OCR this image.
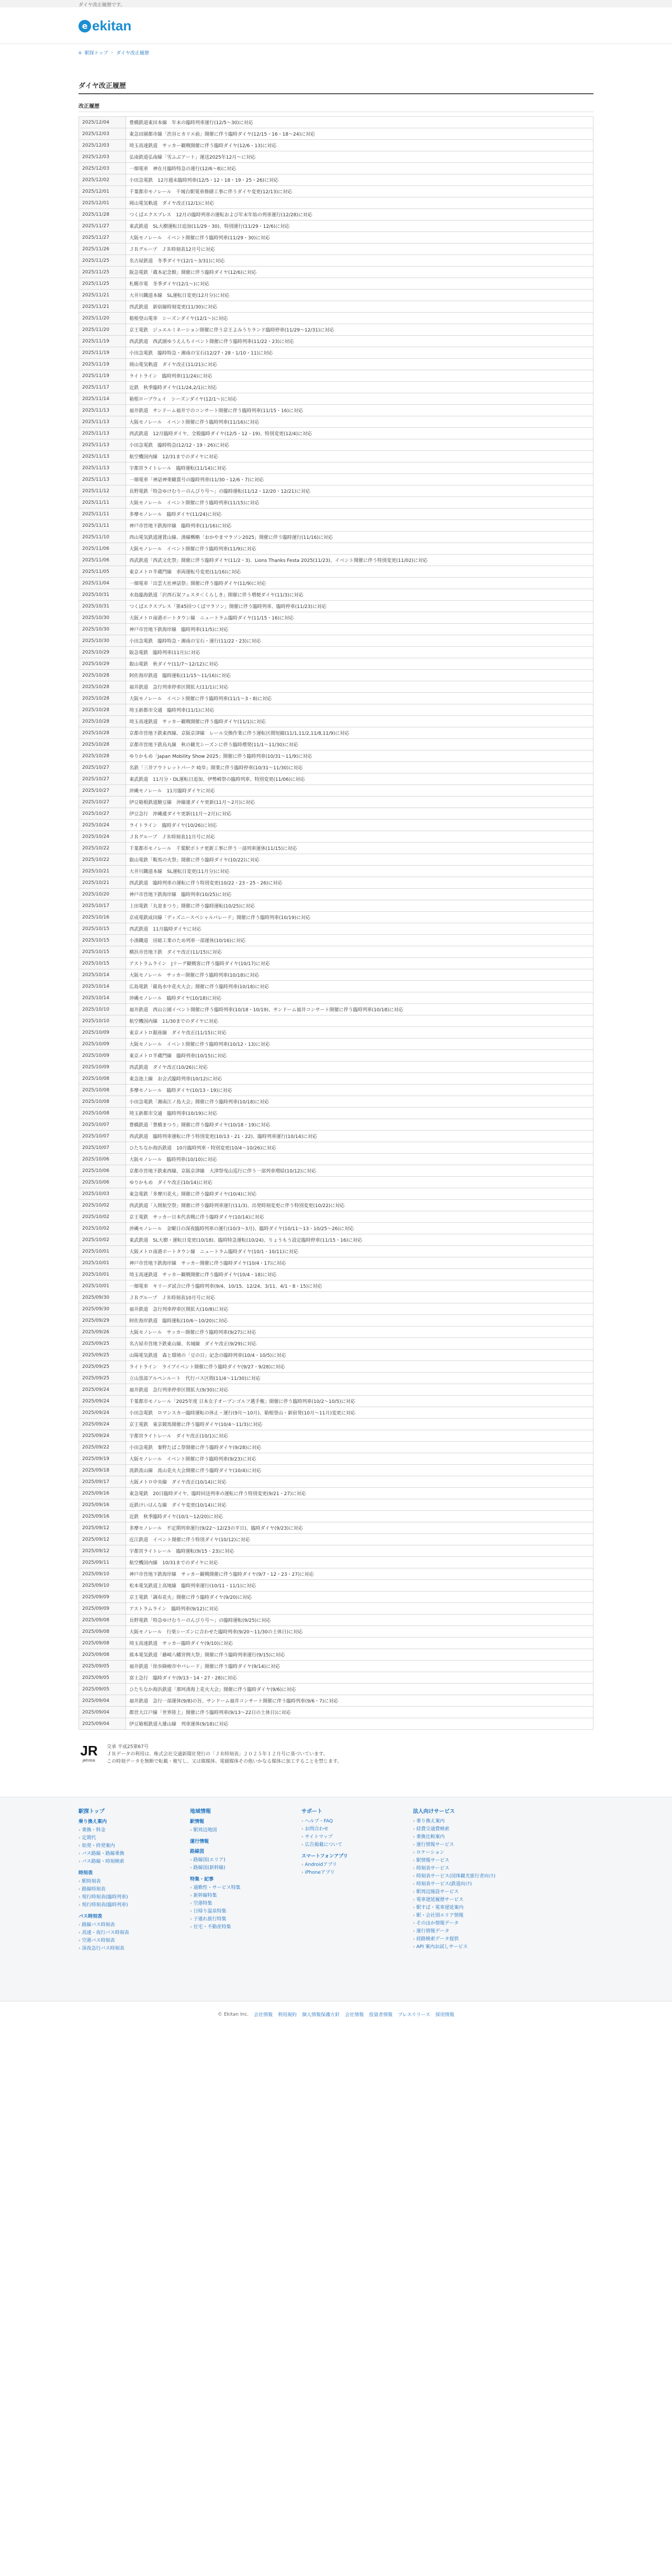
ダイヤ改正履歴です。
e ekitan
⌂ 駅探トップ › ダイヤ改正履歴
ダイヤ改正履歴
改正履歴
2025/12/04	豊橋鉄道東田本線　年末の臨時列車運行(12/5〜30)に対応
2025/12/03	東急田園都市線「渋谷ヒカリエ前」開催に伴う臨時ダイヤ(12/15・16・18〜24)に対応
2025/12/03	埼玉高速鉄道　サッカー観戦開催に伴う臨時ダイヤ(12/6・13)に対応
2025/12/03	弘南鉄道弘南線「雪ふぶアート」運送2025年12月〜に対応
2025/12/03	一畑電車　神在月臨時特急の運行(12/6〜8)に対応
2025/12/02	小田急電鉄　12月週末臨時列車(12/5・12・18・19・25・26)に対応
2025/12/01	千葉都市モノレール　千城台駅電車修繕工事に伴うダイヤ変更(12/13)に対応
2025/12/01	岡山電気軌道　ダイヤ改正(12/1)に対応
2025/11/28	つくばエクスプレス　12月の臨時列車の運転および年末年始の列車運行(12/28)に対応
2025/11/27	東武鉄道　SL大樹運転日追加(11/29・30)、特別運行(11/29・12/6)に対応
2025/11/27	大阪モノレール　イベント開催に伴う臨時列車(11/29・30)に対応
2025/11/26	ＪＲグループ　ＪＲ時刻表12月号に対応
2025/11/25	名古屋鉄道　冬季ダイヤ(12/1〜3/31)に対応
2025/11/25	阪急電鉄「蔵本記念館」開催に伴う臨時ダイヤ(12/6)に対応
2025/11/25	札幌市電　冬季ダイヤ(12/1〜)に対応
2025/11/21	大井川鐵道本線　SL運転日変更(12月分)に対応
2025/11/21	西武鉄道　新宿線時刻変更(11/30)に対応
2025/11/20	箱根登山電車　シーズンダイヤ(12/1〜)に対応
2025/11/20	京王電鉄　ジュエルミネーション開催に伴う京王よみうりランド臨時停車(11/29〜12/31)に対応
2025/11/19	西武鉄道　西武園ゆうえんちイベント開催に伴う臨時列車(11/22・23)に対応
2025/11/19	小田急電鉄　臨時特急・湘南の宝石(12/27・28・1/10・11)に対応
2025/11/19	岡山電気軌道　ダイヤ改正(11/21)に対応
2025/11/19	ライトライン　臨時列車(11/24)に対応
2025/11/17	近鉄　秋季臨時ダイヤ(11/24,2/1)に対応
2025/11/14	箱根ロープウェイ　シーズンダイヤ(12/1〜)に対応
2025/11/13	福井鉄道　サンドーム福井でのコンサート開催に伴う臨時列車(11/15・16)に対応
2025/11/13	大阪モノレール　イベント開催に伴う臨時列車(11/16)に対応
2025/11/13	西武鉄道　12月臨時ダイヤ、全般臨時ダイヤ(12/5・12・19)、特別変更(12/4)に対応
2025/11/13	小田急電鉄　臨時特急(12/12・19・26)に対応
2025/11/13	航空機国内線　12/31までのダイヤに対応
2025/11/13	宇都宮ライトレール　臨時運転(11/14)に対応
2025/11/13	一畑電車「神話神楽観賞号の臨時列車(11/30・12/6・7)に対応
2025/11/12	長野電鉄「特急ゆけむりーのんびり号〜」の臨時運転(11/12・12/20・12/21)に対応
2025/11/11	大阪モノレール　イベント開催に伴う臨時列車(11/15)に対応
2025/11/11	多摩モノレール　臨時ダイヤ(11/24)に対応
2025/11/11	神戸市営地下鉄海岸線　臨時列車(11/16)に対応
2025/11/10	西山電気鉄道運賃山線、湊線概略「おかやまマラソン2025」開催に伴う臨時運行(11/16)に対応
2025/11/06	大阪モノレール　イベント開催に伴う臨時列車(11/9)に対応
2025/11/06	西武鉄道「西武文化祭」開催に伴う臨時ダイヤ(11/2・3)、Lions Thanks Festa 2025(11/23)、イベント開催に伴う特別変更(11/02)に対応
2025/11/05	東京メトロ半蔵門線　車両運転号変更(11/16)に対応
2025/11/04	一畑電車「出雲大社神話祭」開催に伴う臨時ダイヤ(11/9)に対応
2025/10/31	水島臨海鉄道「沢西石炭フェスタ＜くらしき」開催に伴う増便ダイヤ(11/3)に対応
2025/10/31	つくばエクスプレス「第45回つくばマラソン」開催に伴う臨時列車、臨時停車(11/23)に対応
2025/10/30	大阪メトロ南港ポートタウン線　ニュートラム臨時ダイヤ(11/15・16)に対応
2025/10/30	神戸市営地下鉄海岸線　臨時列車(11/5)に対応
2025/10/30	小田急電鉄　臨時特急・湘南の宝石・運行(11/22・23)に対応
2025/10/29	阪急電鉄　臨時列車(11月)に対応
2025/10/29	叡山電鉄　秋ダイヤ(11/7〜12/12)に対応
2025/10/28	阿佐海岸鉄道　臨時運転(11/15〜11/16)に対応
2025/10/28	福井鉄道　急行列車停車区間拡大(11/1)に対応
2025/10/28	大阪モノレール　イベント開催に伴う臨時列車(11/1〜3・8)に対応
2025/10/28	埼玉新都市交通　臨時列車(11/1)に対応
2025/10/28	埼玉高速鉄道　サッカー観戦開催に伴う臨時ダイヤ(11/1)に対応
2025/10/28	京都市営地下鉄東西線、京阪京津線　レール交換作業に伴う運転区間短縮(11/1,11/2,11/8,11/9)に対応
2025/10/28	京都市営地下鉄烏丸線　秋の観光シーズンに伴う臨時増発(11/1〜11/30)に対応
2025/10/28	ゆりかもめ「Japan Mobility Show 2025」開催に伴う臨時列車(10/31〜11/9)に対応
2025/10/27	名鉄「三井アウトレットパーク 岐阜」開業に伴う臨時停車(10/31〜11/30)に対応
2025/10/27	東武鉄道　11月分・DL運転日追加、伊勢崎祭の臨時列車、特別変更(11/06)に対応
2025/10/27	沖縄モノレール　11月臨時ダイヤに対応
2025/10/27	伊豆箱根鉄道駿豆線　沖線連ダイヤ更新(11月〜2月)に対応
2025/10/27	伊豆急行　沖縄連ダイヤ更新(11月〜2月)に対応
2025/10/24	ライトライン　臨時ダイヤ(10/26)に対応
2025/10/24	ＪＲグループ　ＪＲ時刻表11月号に対応
2025/10/22	千葉都市モノレール　千葉駅ボトナ更新工事に伴う一部列車運休(11/15)に対応
2025/10/22	叡山電鉄「鞍馬の火祭」開催に伴う臨時ダイヤ(10/22)に対応
2025/10/21	大井川鐵道本線　SL運転日変更(11月分)に対応
2025/10/21	西武鉄道　臨時列車の運転に伴う特別変更(10/22・23・25・26)に対応
2025/10/20	神戸市営地下鉄海岸線　臨時列車(10/25)に対応
2025/10/17	上田電鉄「丸窓まつり」開催に伴う臨時運転(10/25)に対応
2025/10/16	京成電鉄成田線「ディズニースペシャルパレード」開催に伴う臨時列車(10/19)に対応
2025/10/15	西武鉄道　11月臨時ダイヤに対応
2025/10/15	小湊鐵道　房総工業のため列車一部運休(10/16)に対応
2025/10/15	横浜市営地下鉄　ダイヤ改正(11/15)に対応
2025/10/15	アストラムライン　Jリーグ観戦客に伴う臨時ダイヤ(10/17)に対応
2025/10/14	大阪モノレール　サッカー開催に伴う臨時列車(10/18)に対応
2025/10/14	広島電鉄「厳島水中花火大会」開催に伴う臨時列車(10/18)に対応
2025/10/14	沖縄モノレール　臨時ダイヤ(10/18)に対応
2025/10/10	福井鉄道　西山公園イベント開催に伴う臨時列車(10/18・10/19)、サンドーム福井コンサート開催に伴う臨時列車(10/18)に対応
2025/10/10	航空機国内線　11/30までのダイヤに対応
2025/10/09	東京メトロ銀座線　ダイヤ改正(11/15)に対応
2025/10/09	大阪モノレール　イベント開催に伴う臨時列車(10/12・13)に対応
2025/10/09	東京メトロ半蔵門線　臨時列車(10/15)に対応
2025/10/09	西武鉄道　ダイヤ改正(10/26)に対応
2025/10/08	東急池上線　お会式臨時列車(10/12)に対応
2025/10/08	多摩モノレール　臨時ダイヤ(10/13・19)に対応
2025/10/08	小田急電鉄「湘南江ノ島大会」開催に伴う臨時列車(10/18)に対応
2025/10/08	埼玉新都市交通　臨時列車(10/19)に対応
2025/10/07	豊橋鉄道「豊橋まつり」開催に伴う臨時ダイヤ(10/18・19)に対応
2025/10/07	西武鉄道　臨時列車運転に伴う特別変更(10/13・21・22)、臨時列車運行(10/14)に対応
2025/10/07	ひたちなか海浜鉄道　10月臨時列車・特別変更(10/4〜10/26)に対応
2025/10/06	大阪モノレール　臨時列車(10/10)に対応
2025/10/06	京都市営地下鉄東西線、京阪京津線　大津祭曳山巡行に伴う一部列車増結(10/12)に対応
2025/10/06	ゆりかもめ　ダイヤ改正(10/14)に対応
2025/10/03	東急電鉄「多摩川花火」開催に伴う臨時ダイヤ(10/4)に対応
2025/10/02	西武鉄道「入間航空祭」開催に伴う臨時列車運行(11/3)、出発時刻変更に伴う特別変更(10/22)に対応
2025/10/02	京王電鉄　サッカー日本代表戦に伴う臨時ダイヤ(10/14)に対応
2025/10/02	沖縄モノレール　金曜日の深夜臨時列車の運行(10/3〜3月)、臨時ダイヤ(10/11〜13・10/25〜26)に対応
2025/10/02	東武鉄道　SL大樹・運転日変更(10/18)、臨時特急運転(10/24)、りょうもう設定臨時停車(11/15・16)に対応
2025/10/01	大阪メトロ南港ポートタウン線　ニュートラム臨時ダイヤ(10/1・10/11)に対応
2025/10/01	神戸市営地下鉄海岸線　サッカー開催に伴う臨時ダイヤ(10/4・17)に対応
2025/10/01	埼玉高速鉄道　サッカー観戦開催に伴う臨時ダイヤ(10/4・18)に対応
2025/10/01	一畑電車　キリーダ試合に伴う臨時列車(9/4、10/15、12/24、3/11、4/1・8・15)に対応
2025/09/30	ＪＲグループ　ＪＲ時刻表10月号に対応
2025/09/30	福井鉄道　急行列車停車区間拡大(10/8)に対応
2025/09/29	阿佐海岸鉄道　臨時運転(10/6〜10/20)に対応
2025/09/26	大阪モノレール　サッカー開催に伴う臨時列車(9/27)に対応
2025/09/25	名古屋市営地下鉄東山線、名城線　ダイヤ改正(9/29)に対応
2025/09/25	山陽電気鉄道　森と環境の「豆の日」記念の臨時列車(10/4・10/5)に対応
2025/09/25	ライトライン　ライブイベント開催に伴う臨時ダイヤ(9/27・9/28)に対応
2025/09/25	立山黒部アルペンルート　代行バス区間(11/4〜11/30)に対応
2025/09/24	福井鉄道　急行列車停車区間拡大(9/30)に対応
2025/09/24	千葉都市モノレール「2025年度 日本女子オープンゴルフ選手権」開催に伴う臨時列車(10/2〜10/5)に対応
2025/09/24	小田急電鉄　ロマンスカー臨時運転の休止・運行(9月～10月)、箱根登山・新宿発(10月〜11月)変更に対応
2025/09/24	京王電鉄　東京競馬開催に伴う臨時ダイヤ(10/4〜11/3)に対応
2025/09/24	宇都宮ライトレール　ダイヤ改正(10/1)に対応
2025/09/22	小田急電鉄　秦野たばこ祭開催に伴う臨時ダイヤ(9/28)に対応
2025/09/19	大阪モノレール　イベント開催に伴う臨時列車(9/23)に対応
2025/09/18	流鉄流山線　流山花火大会開催に伴う臨時ダイヤ(10/4)に対応
2025/09/17	大阪メトロ中央線　ダイヤ改正(10/14)に対応
2025/09/16	東急電鉄　20日臨時ダイヤ、臨時回送列車の運転に伴う特別変更(9/21・27)に対応
2025/09/16	近鉄けいはんな線　ダイヤ変更(10/14)に対応
2025/09/16	近鉄　秋季臨時ダイヤ(10/1〜12/20)に対応
2025/09/12	多摩モノレール　不定期列車運行(9/22〜12/23の平日)、臨時ダイヤ(9/23)に対応
2025/09/12	近江鉄道　イベント開催に伴う特別ダイヤ(10/12)に対応
2025/09/12	宇都宮ライトレール　臨時運転(9/15・23)に対応
2025/09/11	航空機国内線　10/31までのダイヤに対応
2025/09/10	神戸市営地下鉄海岸線　サッカー観戦開催に伴う臨時ダイヤ(9/7・12・23・27)に対応
2025/09/10	松本電気鉄道上高地線　臨時列車運行(10/11・11/1)に対応
2025/09/09	京王電鉄「調布花火」開催に伴う臨時ダイヤ(9/20)に対応
2025/09/09	アストラムライン　臨時列車(9/12)に対応
2025/09/08	長野電鉄「特急ゆけむりーのんびり号〜」の臨時運転(9/25)に対応
2025/09/08	大阪モノレール　行楽シーズンに合わせた臨時列車(9/20〜11/30の土休日)に対応
2025/09/08	埼玉高速鉄道　サッカー臨時ダイヤ(9/10)に対応
2025/09/08	熊本電気鉄道「藤崎八幡宮例大祭」開催に伴う臨時列車運行(9/15)に対応
2025/09/05	福井鉄道「徐歩険峻市中パレード」開催に伴う臨時ダイヤ(9/14)に対応
2025/09/05	富士急行　臨時ダイヤ(9/13・14・27・28)に対応
2025/09/05	ひたちなか海浜鉄道「那珂湊海上花火大会」開催に伴う臨時ダイヤ(9/6)に対応
2025/09/04	福井鉄道　急行一部運休(9/8)の旨、サンドーム福井コンサート開催に伴う臨時列車(9/6・7)に対応
2025/09/04	都営大江戸線「世界陸上」開催に伴う臨時列車(9/13〜22日の土休日)に対応
2025/09/04	伊豆箱根鉄道大雄山線　列車運休(9/18)に対応
JR
JR時刻表
交承 平成25第67号
ＪＲデータの利用は、株式会社交通新聞社発行の「ＪＲ時刻表」２０２５年１２月号に基づいています。
この時刻データを無断で転載・複写し、又は媒媒体、電磁媒体その他いかなる媒体に加工することを禁じます。
駅探トップ
乗り換え案内
› 乗換・料金
› 定期代
› 始発・終発案内
› バス路線・路線乗換
› バス路線・時刻検索
時刻表
› 駅時刻表
› 路線時刻表
› 現行時刻表(臨時列車)
› 現行時刻表(臨時列車)
バス時刻表
› 路線バス時刻表
› 高速・夜行バス時刻表
› 空港バス時刻表
› 深夜急行バス時刻表
地域情報
駅情報
› 駅周辺地図
運行情報
路線図
› 路線図(エリア)
› 路線図(新幹線)
特集・記事
› 通勤性・サービス特集
› 新幹線特集
› 空港特集
› 日帰り温泉特集
› 子連れ旅行特集
› 住宅・不動産特集
サポート
› ヘルプ・FAQ
› お問合わせ
› サイトマップ
› 広告掲載について
スマートフォンアプリ
› Androidアプリ
› iPhoneアプリ
法人向けサービス
› 乗り換え案内
› 経費交通費検索
› 乗換比較案内
› 運行情報サービス
› ロケーション
› 駅情報サービス
› 時刻表サービス
› 時刻表サービス(団体観光旅行者向け)
› 時刻表サービス(鉄道向け)
› 駅周辺施設サービス
› 電車遅延履歴サービス
› 駅すぱ・電車遅延案内
› 駅・会社別エリア情報
› そのほか情報データ
› 運行情報データ
› 経路検索データ提供
› API 案内お試しサービス
© Ekitan Inc. 会社情報 利用規約 個人情報保護方針 会社情報 投資者情報 プレスリリース 採用情報
